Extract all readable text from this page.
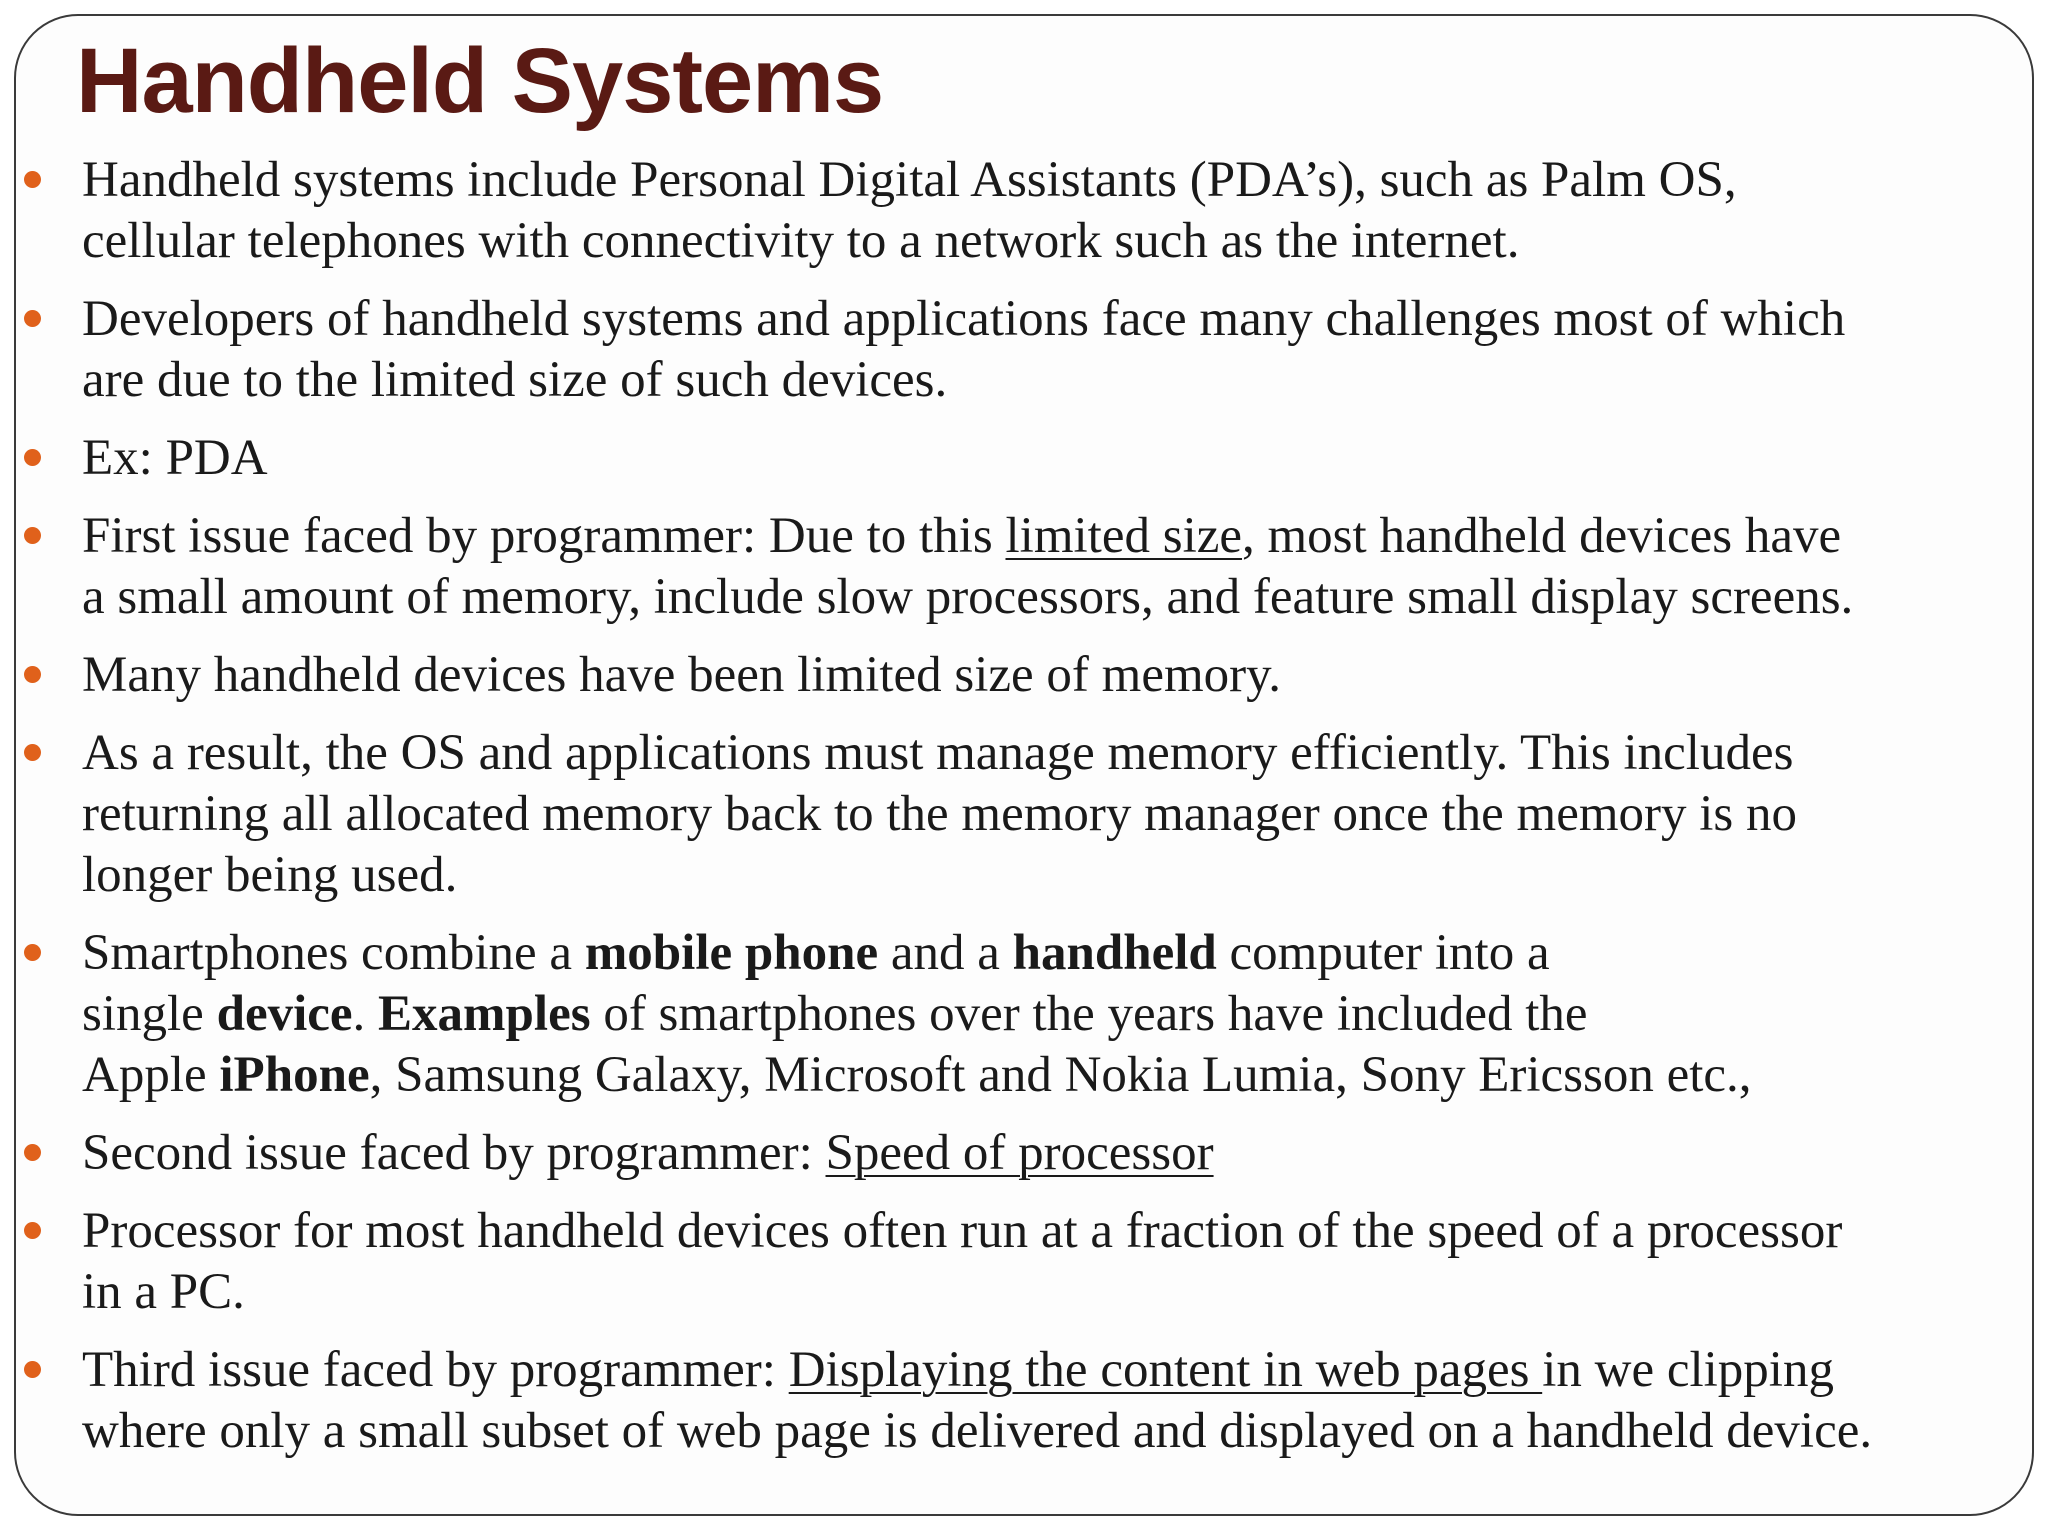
Handheld Systems
Handheld systems include Personal Digital Assistants (PDA’s), such as Palm OS,
cellular telephones with connectivity to a network such as the internet.
Developers of handheld systems and applications face many challenges most of which
are due to the limited size of such devices.
Ex: PDA
First issue faced by programmer: Due to this limited size, most handheld devices have
a small amount of memory, include slow processors, and feature small display screens.
Many handheld devices have been limited size of memory.
As a result, the OS and applications must manage memory efficiently. This includes
returning all allocated memory back to the memory manager once the memory is no
longer being used.
Smartphones combine a mobile phone and a handheld computer into a
single device. Examples of smartphones over the years have included the
Apple iPhone, Samsung Galaxy, Microsoft and Nokia Lumia, Sony Ericsson etc.,
Second issue faced by programmer: Speed of processor
Processor for most handheld devices often run at a fraction of the speed of a processor
in a PC.
Third issue faced by programmer: Displaying the content in web pages in we clipping
where only a small subset of web page is delivered and displayed on a handheld device.
